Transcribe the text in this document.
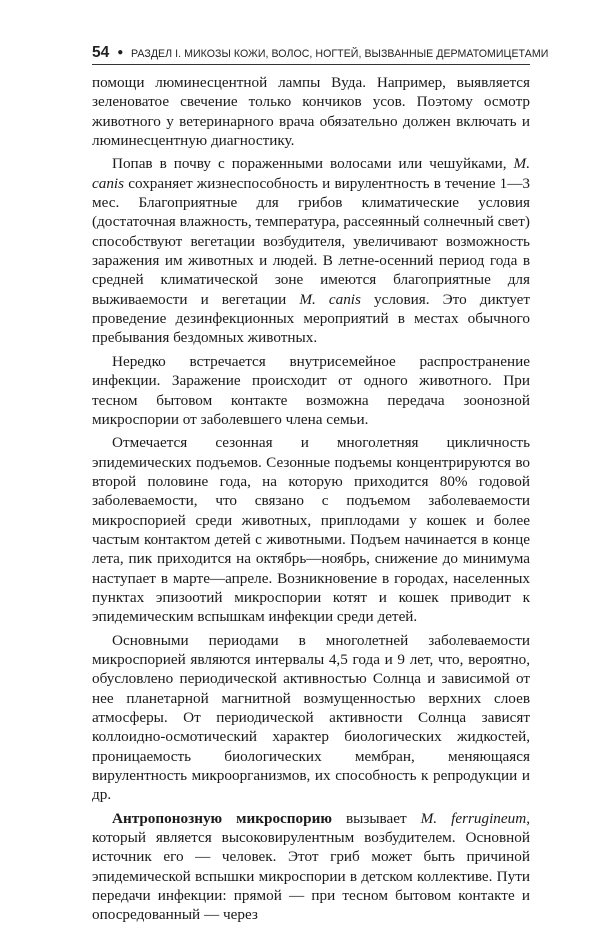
54 ● РАЗДЕЛ I. МИКОЗЫ КОЖИ, ВОЛОС, НОГТЕЙ, ВЫЗВАННЫЕ ДЕРМАТОМИЦЕТАМИ

помощи люминесцентной лампы Вуда. Например, выявляется зеленоватое свечение только кончиков усов. Поэтому осмотр животного у ветеринарного врача обязательно должен включать и люминесцентную диагностику.

Попав в почву с пораженными волосами или чешуйками, M. canis сохраняет жизнеспособность и вирулентность в течение 1—3 мес. Благоприятные для грибов климатические условия (достаточная влажность, температура, рассеянный солнечный свет) способствуют вегетации возбудителя, увеличивают возможность заражения им животных и людей. В летне-осенний период года в средней климатической зоне имеются благоприятные для выживаемости и вегетации M. canis условия. Это диктует проведение дезинфекционных мероприятий в местах обычного пребывания бездомных животных.

Нередко встречается внутрисемейное распространение инфекции. Заражение происходит от одного животного. При тесном бытовом контакте возможна передача зоонозной микроспории от заболевшего члена семьи.

Отмечается сезонная и многолетняя цикличность эпидемических подъемов. Сезонные подъемы концентрируются во второй половине года, на которую приходится 80% годовой заболеваемости, что связано с подъемом заболеваемости микроспорией среди животных, приплодами у кошек и более частым контактом детей с животными. Подъем начинается в конце лета, пик приходится на октябрь—ноябрь, снижение до минимума наступает в марте—апреле. Возникновение в городах, населенных пунктах эпизоотий микроспории котят и кошек приводит к эпидемическим вспышкам инфекции среди детей.

Основными периодами в многолетней заболеваемости микроспорией являются интервалы 4,5 года и 9 лет, что, вероятно, обусловлено периодической активностью Солнца и зависимой от нее планетарной магнитной возмущенностью верхних слоев атмосферы. От периодической активности Солнца зависят коллоидно-осмотический характер биологических жидкостей, проницаемость биологических мембран, меняющаяся вирулентность микроорганизмов, их способность к репродукции и др.

Антропонозную микроспорию вызывает M. ferrugineum, который является высоковирулентным возбудителем. Основной источник его — человек. Этот гриб может быть причиной эпидемической вспышки микроспории в детском коллективе. Пути передачи инфекции: прямой — при тесном бытовом контакте и опосредованный — через
